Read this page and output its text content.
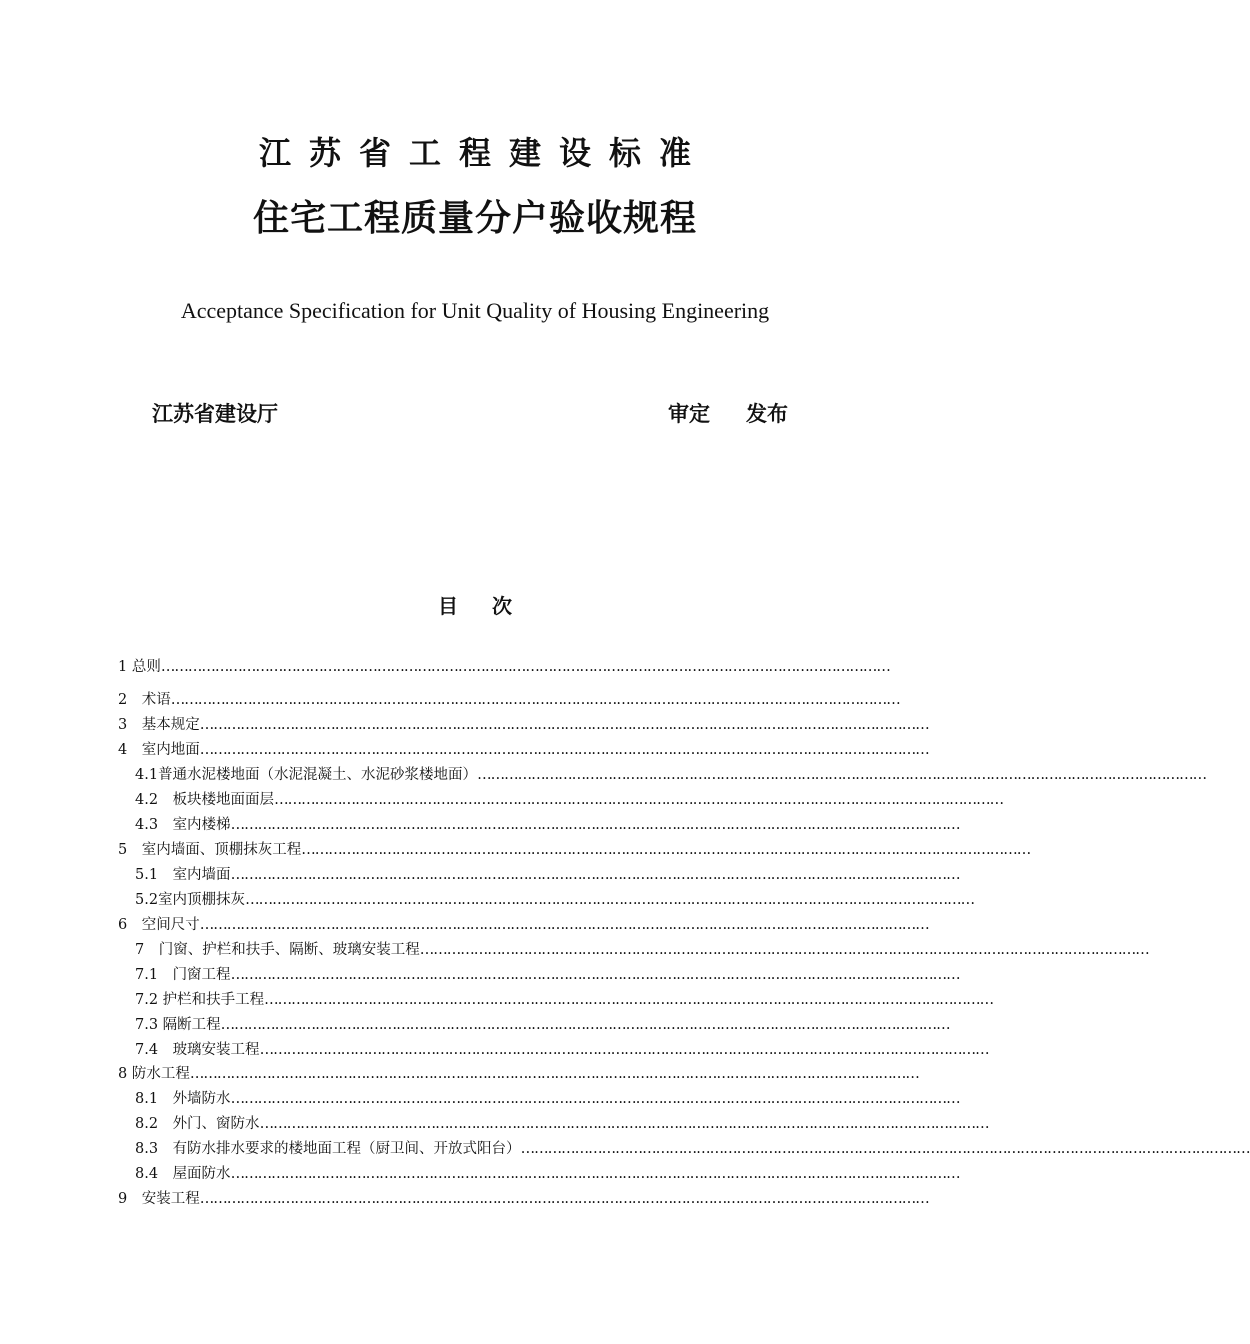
江苏省工程建设标准
住宅工程质量分户验收规程
Acceptance Specification for Unit Quality of Housing Engineering
江苏省建设厅	审定 发布
目 次
1 总则 ………………………………………………………………………………………………………………………………………………
2　 术语 ………………………………………………………………………………………………………………………………………………
3　 基本规定 ………………………………………………………………………………………………………………………………………………
4　 室内地面 ………………………………………………………………………………………………………………………………………………
4.1 普通水泥楼地面（水泥混凝土、水泥砂浆楼地面） ………………………………………………………………………………………………………………………………………………
4.2　 板块楼地面面层 ………………………………………………………………………………………………………………………………………………
4.3　 室内楼梯 ………………………………………………………………………………………………………………………………………………
5　 室内墙面、顶棚抹灰工程 ………………………………………………………………………………………………………………………………………………
5.1　 室内墙面 ………………………………………………………………………………………………………………………………………………
5.2 室内顶棚抹灰 ………………………………………………………………………………………………………………………………………………
6　 空间尺寸 ………………………………………………………………………………………………………………………………………………
7　 门窗、护栏和扶手、隔断、玻璃安装工程 ………………………………………………………………………………………………………………………………………………
7.1　 门窗工程 ………………………………………………………………………………………………………………………………………………
7.2 护栏和扶手工程 ………………………………………………………………………………………………………………………………………………
7.3 隔断工程 ………………………………………………………………………………………………………………………………………………
7.4　 玻璃安装工程 ………………………………………………………………………………………………………………………………………………
8 防水工程 ………………………………………………………………………………………………………………………………………………
8.1　 外墙防水 ………………………………………………………………………………………………………………………………………………
8.2　 外门、窗防水 ………………………………………………………………………………………………………………………………………………
8.3　 有防水排水要求的楼地面工程（厨卫间、开放式阳台） ………………………………………………………………………………………………………………………………………………
8.4　 屋面防水 ………………………………………………………………………………………………………………………………………………
9　 安装工程 ………………………………………………………………………………………………………………………………………………
